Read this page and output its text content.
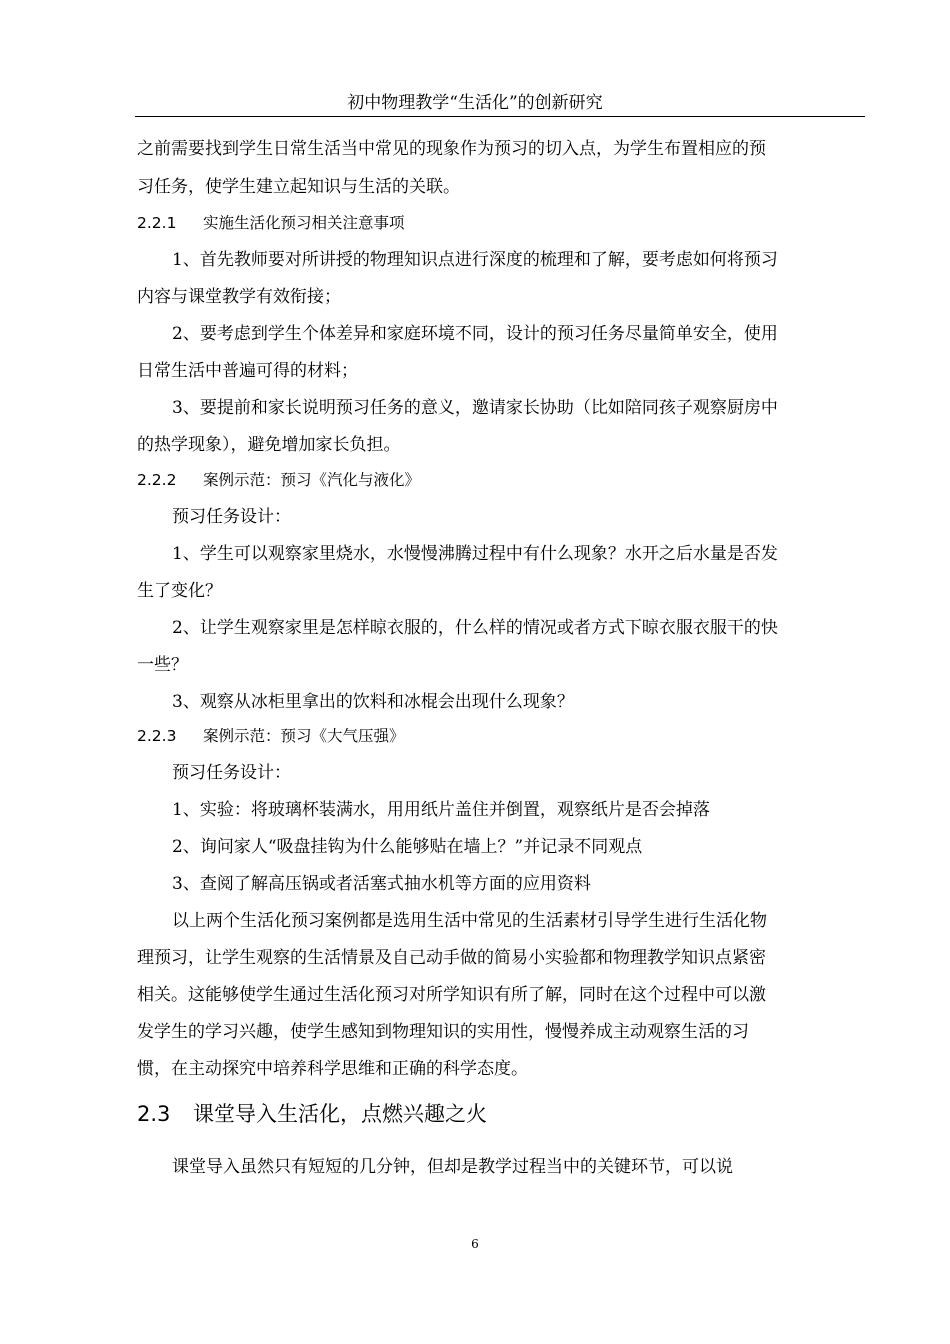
初中物理教学“生活化”的创新研究
之前需要找到学生日常生活当中常见的现象作为预习的切入点，为学生布置相应的预
习任务，使学生建立起知识与生活的关联。
2.2.1 实施生活化预习相关注意事项
1、首先教师要对所讲授的物理知识点进行深度的梳理和了解，要考虑如何将预习
内容与课堂教学有效衔接；
2、要考虑到学生个体差异和家庭环境不同，设计的预习任务尽量简单安全，使用
日常生活中普遍可得的材料；
3、要提前和家长说明预习任务的意义，邀请家长协助（比如陪同孩子观察厨房中
的热学现象），避免增加家长负担。
2.2.2 案例示范：预习《汽化与液化》
预习任务设计：
1、学生可以观察家里烧水，水慢慢沸腾过程中有什么现象？水开之后水量是否发
生了变化？
2、让学生观察家里是怎样晾衣服的，什么样的情况或者方式下晾衣服衣服干的快
一些？
3、观察从冰柜里拿出的饮料和冰棍会出现什么现象？
2.2.3 案例示范：预习《大气压强》
预习任务设计：
1、实验：将玻璃杯装满水，用用纸片盖住并倒置，观察纸片是否会掉落
2、询问家人“吸盘挂钩为什么能够贴在墙上？”并记录不同观点
3、查阅了解高压锅或者活塞式抽水机等方面的应用资料
以上两个生活化预习案例都是选用生活中常见的生活素材引导学生进行生活化物
理预习，让学生观察的生活情景及自己动手做的简易小实验都和物理教学知识点紧密
相关。这能够使学生通过生活化预习对所学知识有所了解，同时在这个过程中可以激
发学生的学习兴趣，使学生感知到物理知识的实用性，慢慢养成主动观察生活的习
惯，在主动探究中培养科学思维和正确的科学态度。
2.3 课堂导入生活化，点燃兴趣之火
课堂导入虽然只有短短的几分钟，但却是教学过程当中的关键环节，可以说
6
